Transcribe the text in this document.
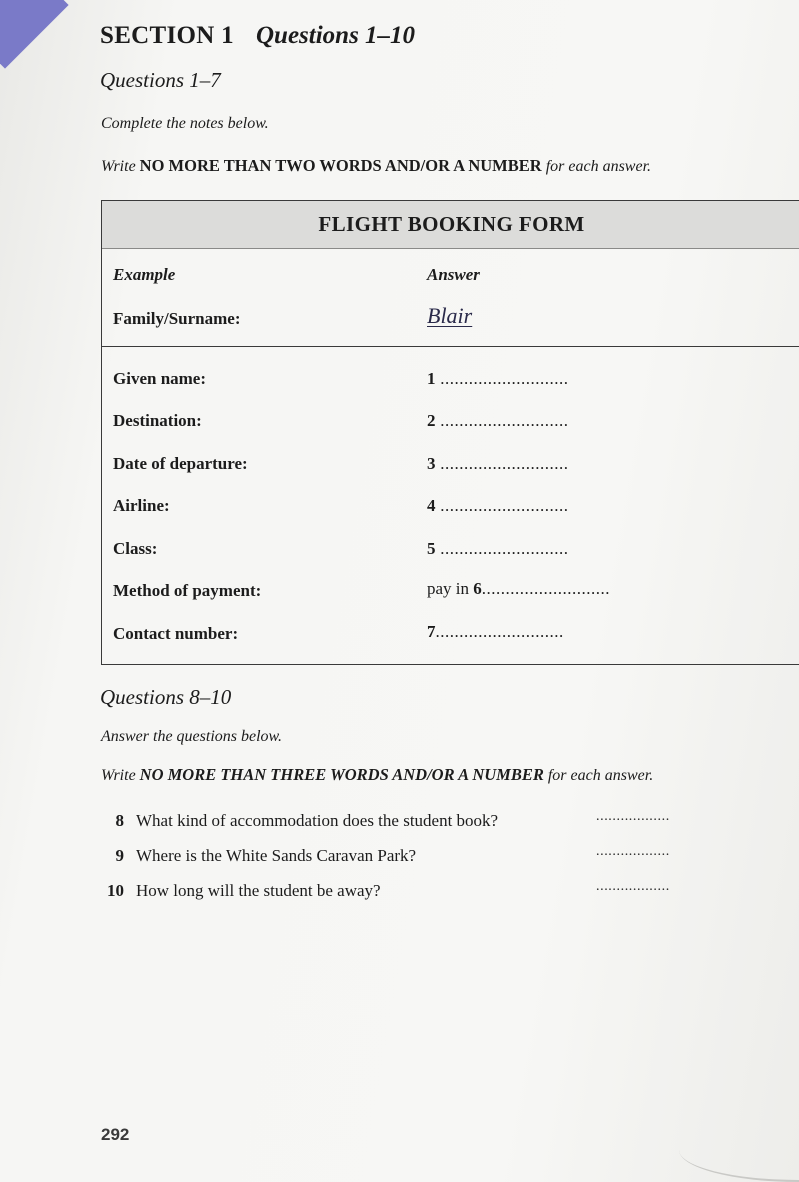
SECTION 1 Questions 1–10
Questions 1–7
Complete the notes below.
Write NO MORE THAN TWO WORDS AND/OR A NUMBER for each answer.
FLIGHT BOOKING FORM
Example	Answer
Family/Surname:	Blair
Given name:	1 ...........................
Destination:	2 ...........................
Date of departure:	3 ...........................
Airline:	4 ...........................
Class:	5 ...........................
Method of payment:	pay in 6...........................
Contact number:	7...........................
Questions 8–10
Answer the questions below.
Write NO MORE THAN THREE WORDS AND/OR A NUMBER for each answer.
8 What kind of accommodation does the student book?	..................
9 Where is the White Sands Caravan Park?	..................
10 How long will the student be away?	..................
292
